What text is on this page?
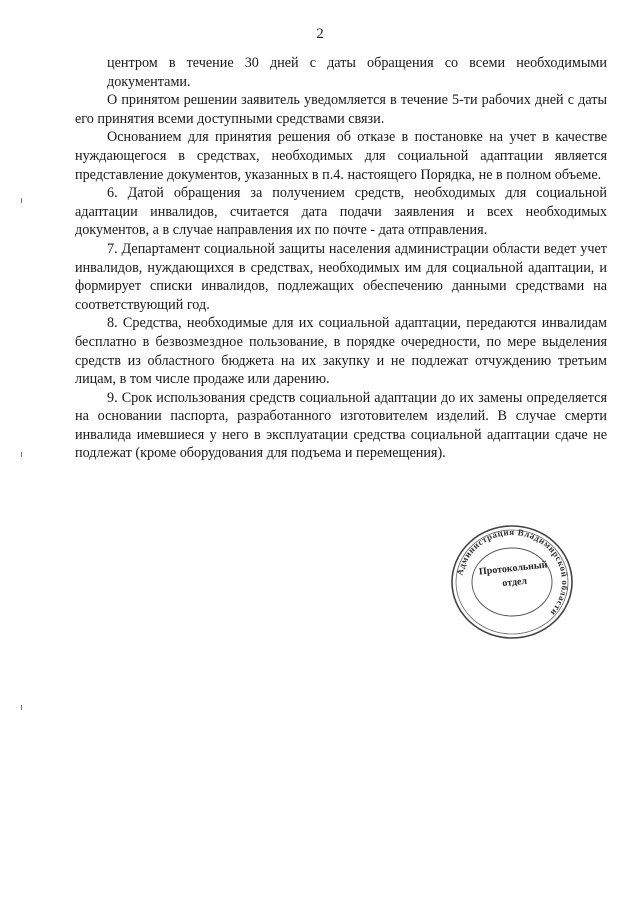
2

центром в течение 30 дней с даты обращения со всеми необходимыми документами.

О принятом решении заявитель уведомляется в течение 5-ти рабочих дней с даты его принятия всеми доступными средствами связи.

Основанием для принятия решения об отказе в постановке на учет в качестве нуждающегося в средствах, необходимых для социальной адаптации является представление документов, указанных в п.4. настоящего Порядка, не в полном объеме.

6. Датой обращения за получением средств, необходимых для социальной адаптации инвалидов, считается дата подачи заявления и всех необходимых документов, а в случае направления их по почте - дата отправления.

7. Департамент социальной защиты населения администрации области ведет учет инвалидов, нуждающихся в средствах, необходимых им для социальной адаптации, и формирует списки инвалидов, подлежащих обеспечению данными средствами на соответствующий год.

8. Средства, необходимые для их социальной адаптации, передаются инвалидам бесплатно в безвозмездное пользование, в порядке очередности, по мере выделения средств из областного бюджета на их закупку и не подлежат отчуждению третьим лицам, в том числе продаже или дарению.

9. Срок использования средств социальной адаптации до их замены определяется на основании паспорта, разработанного изготовителем изделий. В случае смерти инвалида имевшиеся у него в эксплуатации средства социальной адаптации сдаче не подлежат (кроме оборудования для подъема и перемещения).

Администрация Владимирской области
Протокольный
отдел
